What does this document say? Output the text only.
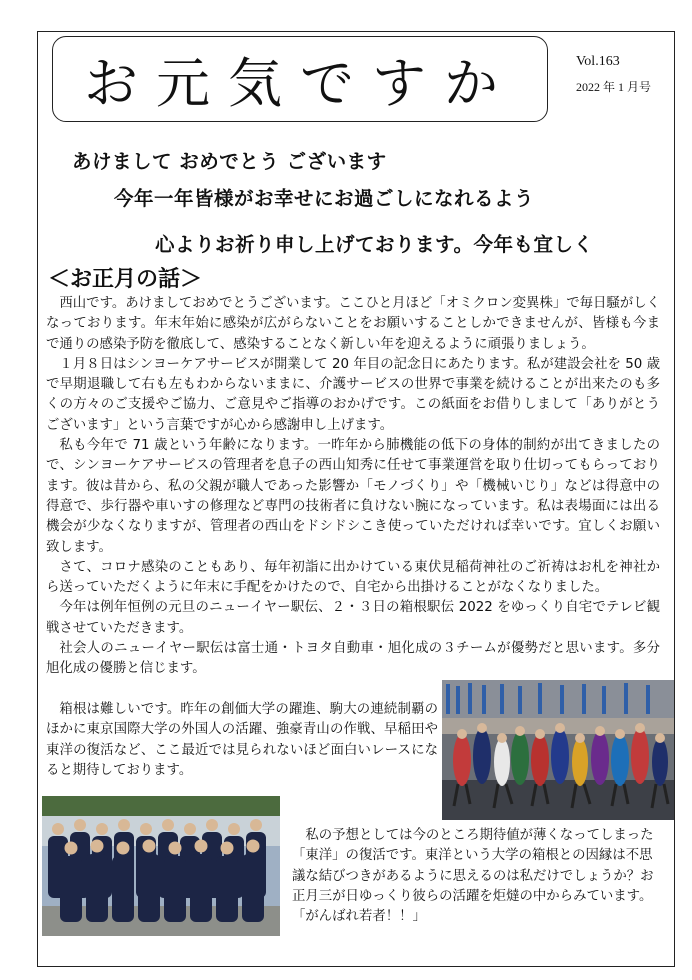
お元気ですか	Vol.163
2022 年 1 月号
あけまして おめでとう ございます
今年一年皆様がお幸せにお過ごしになれるよう
心よりお祈り申し上げております。今年も宜しく
＜お正月の話＞

西山です。あけましておめでとうございます。ここひと月ほど「オミクロン変異株」で毎日騒がしくなっております。年末年始に感染が広がらないことをお願いすることしかできませんが、皆様も今まで通りの感染予防を徹底して、感染することなく新しい年を迎えるように頑張りましょう。

１月８日はシンヨーケアサービスが開業して 20 年目の記念日にあたります。私が建設会社を 50 歳で早期退職して右も左もわからないままに、介護サービスの世界で事業を続けることが出来たのも多くの方々のご支援やご協力、ご意見やご指導のおかげです。この紙面をお借りしまして「ありがとうございます」という言葉ですが心から感謝申し上げます。

私も今年で 71 歳という年齢になります。一昨年から肺機能の低下の身体的制約が出てきましたので、シンヨーケアサービスの管理者を息子の西山知秀に任せて事業運営を取り仕切ってもらっております。彼は昔から、私の父親が職人であった影響か「モノづくり」や「機械いじり」などは得意中の得意で、歩行器や車いすの修理など専門の技術者に負けない腕になっています。私は表場面には出る機会が少なくなりますが、管理者の西山をドシドシこき使っていただければ幸いです。宜しくお願い致します。

さて、コロナ感染のこともあり、毎年初詣に出かけている東伏見稲荷神社のご祈祷はお札を神社から送っていただくように年末に手配をかけたので、自宅から出掛けることがなくなりました。

今年は例年恒例の元旦のニューイヤー駅伝、２・３日の箱根駅伝 2022 をゆっくり自宅でテレビ観戦させていただきます。

社会人のニューイヤー駅伝は富士通・トヨタ自動車・旭化成の３チームが優勢だと思います。多分旭化成の優勝と信じます。

箱根は難しいです。昨年の創価大学の躍進、駒大の連続制覇のほかに東京国際大学の外国人の活躍、強豪青山の作戦、早稲田や東洋の復活など、ここ最近では見られないほど面白いレースになると期待しております。

私の予想としては今のところ期待値が薄くなってしまった「東洋」の復活です。東洋という大学の箱根との因縁は不思議な結びつきがあるように思えるのは私だけでしょうか？お正月三が日ゆっくり彼らの活躍を炬燵の中からみています。 「がんばれ若者！！」
